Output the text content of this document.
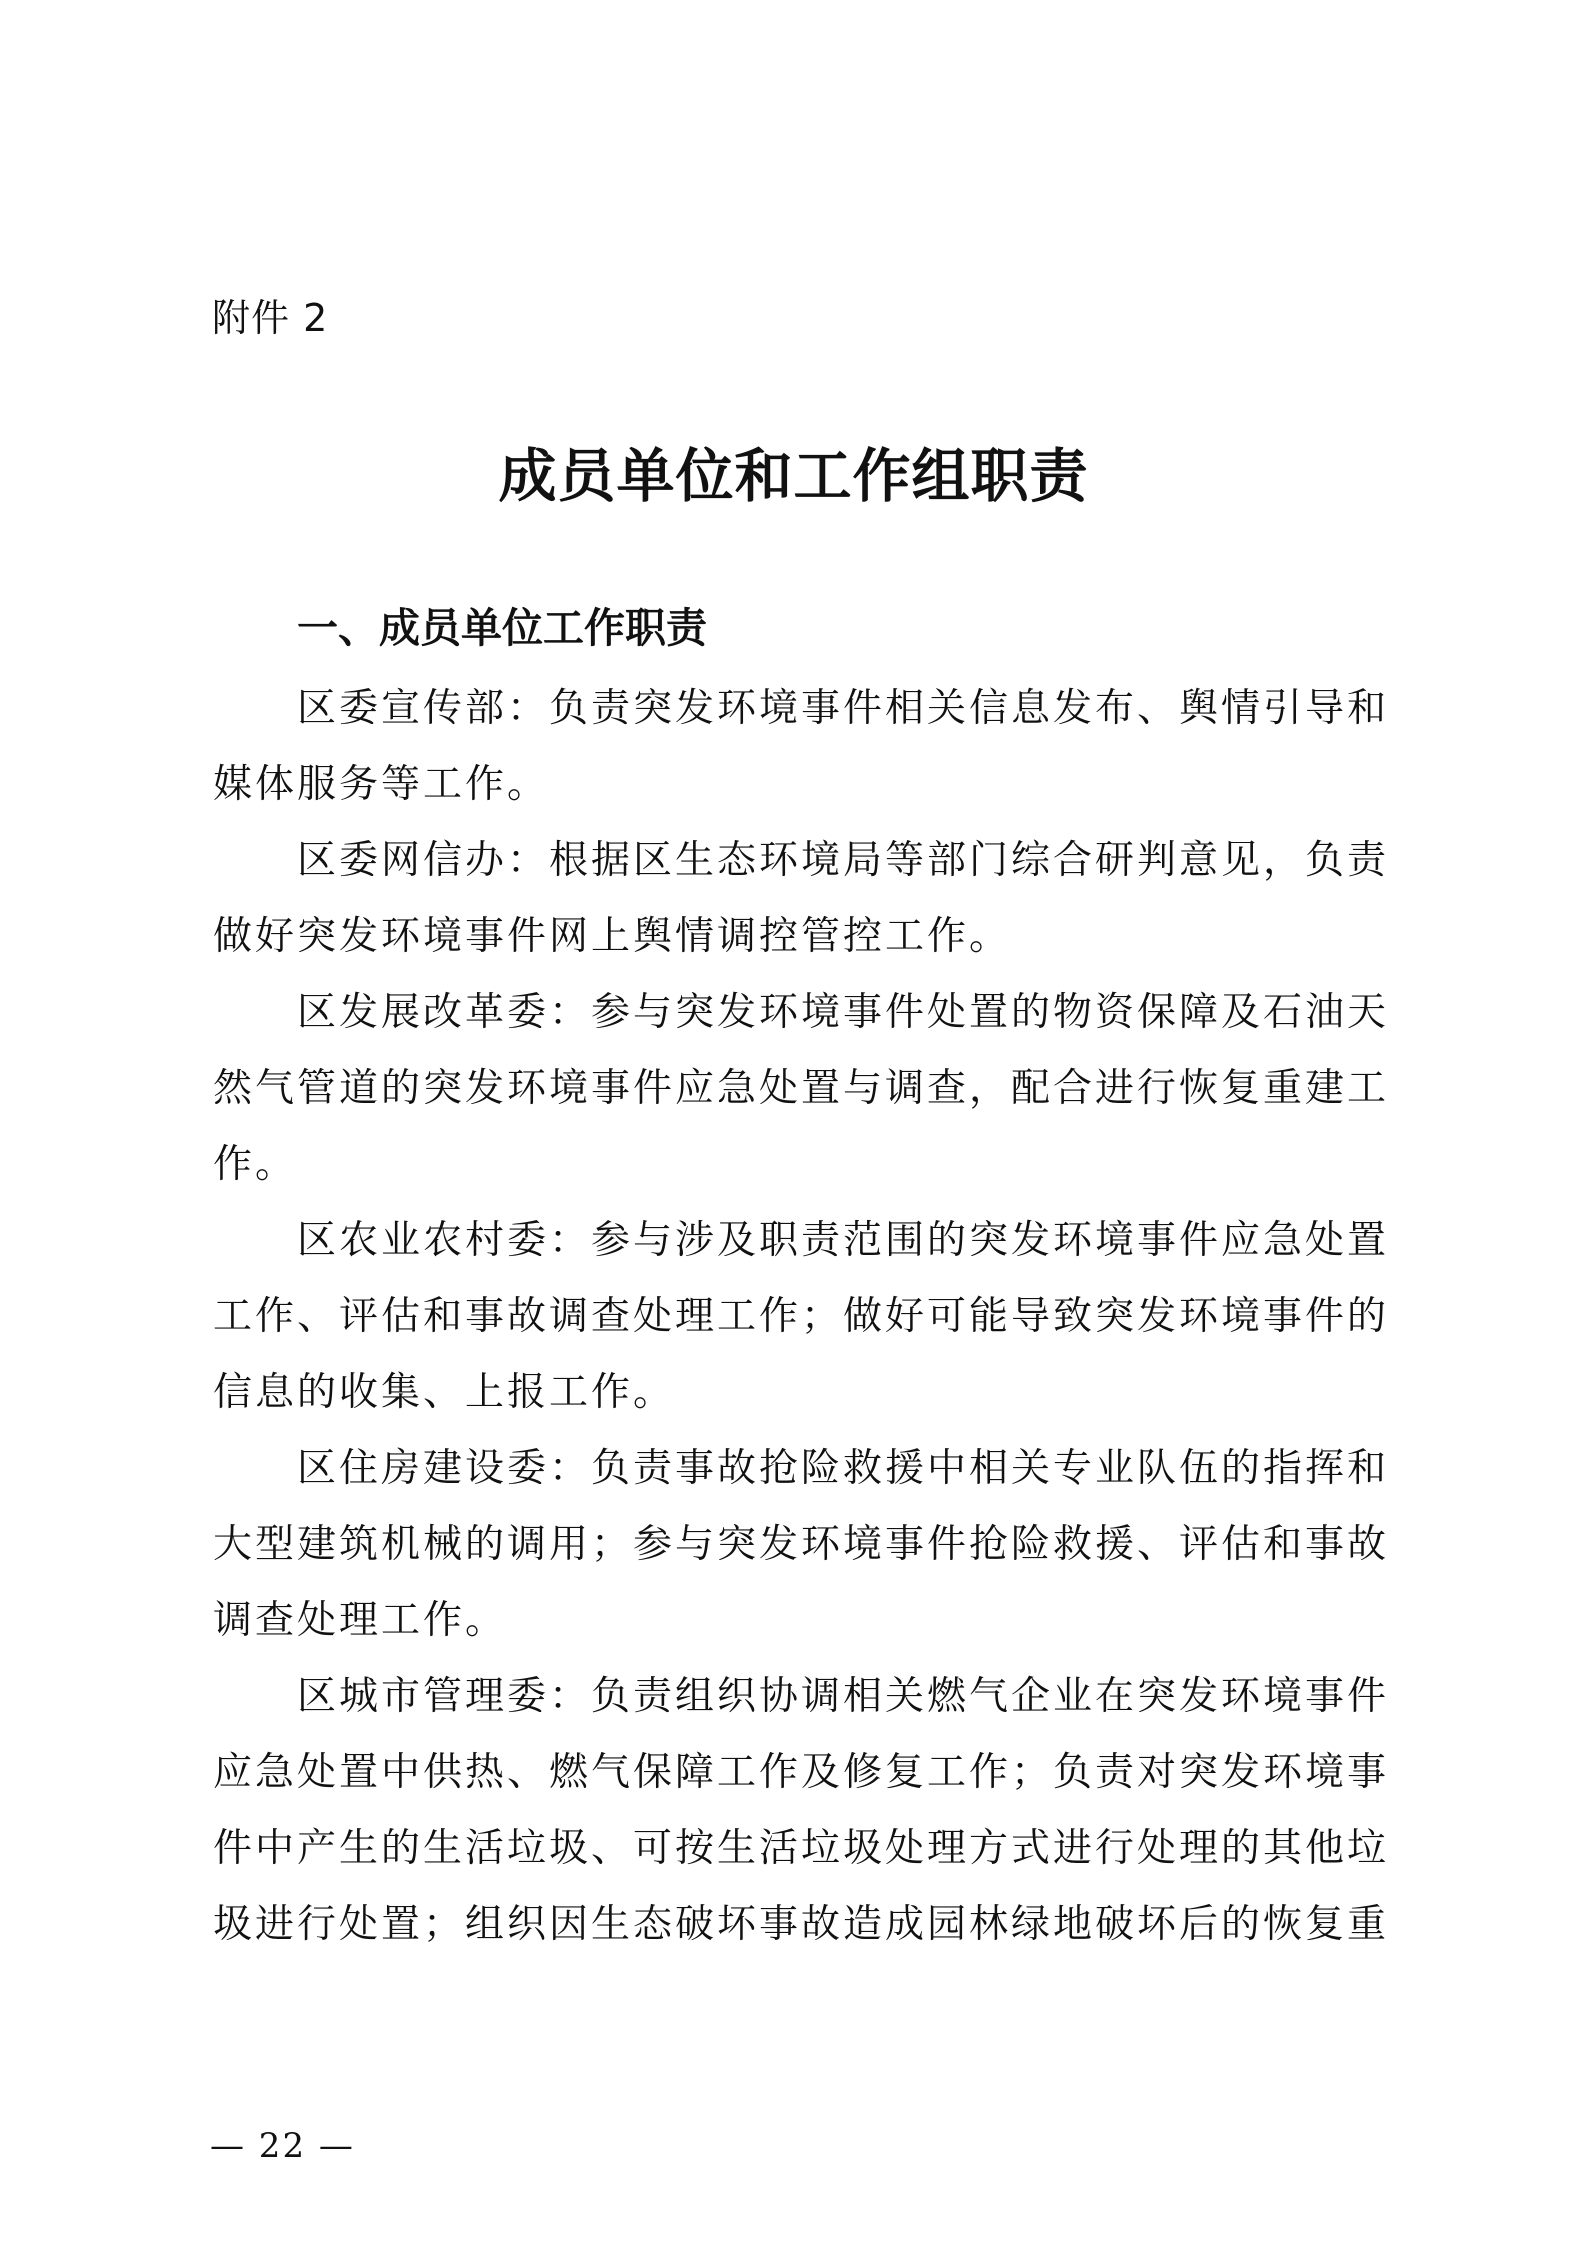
附件 2
成员单位和工作组职责
一、成员单位工作职责

区委宣传部：负责突发环境事件相关信息发布、舆情引导和媒体服务等工作。

区委网信办：根据区生态环境局等部门综合研判意见，负责做好突发环境事件网上舆情调控管控工作。

区发展改革委：参与突发环境事件处置的物资保障及石油天然气管道的突发环境事件应急处置与调查，配合进行恢复重建工作。

区农业农村委：参与涉及职责范围的突发环境事件应急处置工作、评估和事故调查处理工作；做好可能导致突发环境事件的信息的收集、上报工作。

区住房建设委：负责事故抢险救援中相关专业队伍的指挥和大型建筑机械的调用；参与突发环境事件抢险救援、评估和事故调查处理工作。

区城市管理委：负责组织协调相关燃气企业在突发环境事件应急处置中供热、燃气保障工作及修复工作；负责对突发环境事件中产生的生活垃圾、可按生活垃圾处理方式进行处理的其他垃圾进行处置；组织因生态破坏事故造成园林绿地破坏后的恢复重

— 22 —
